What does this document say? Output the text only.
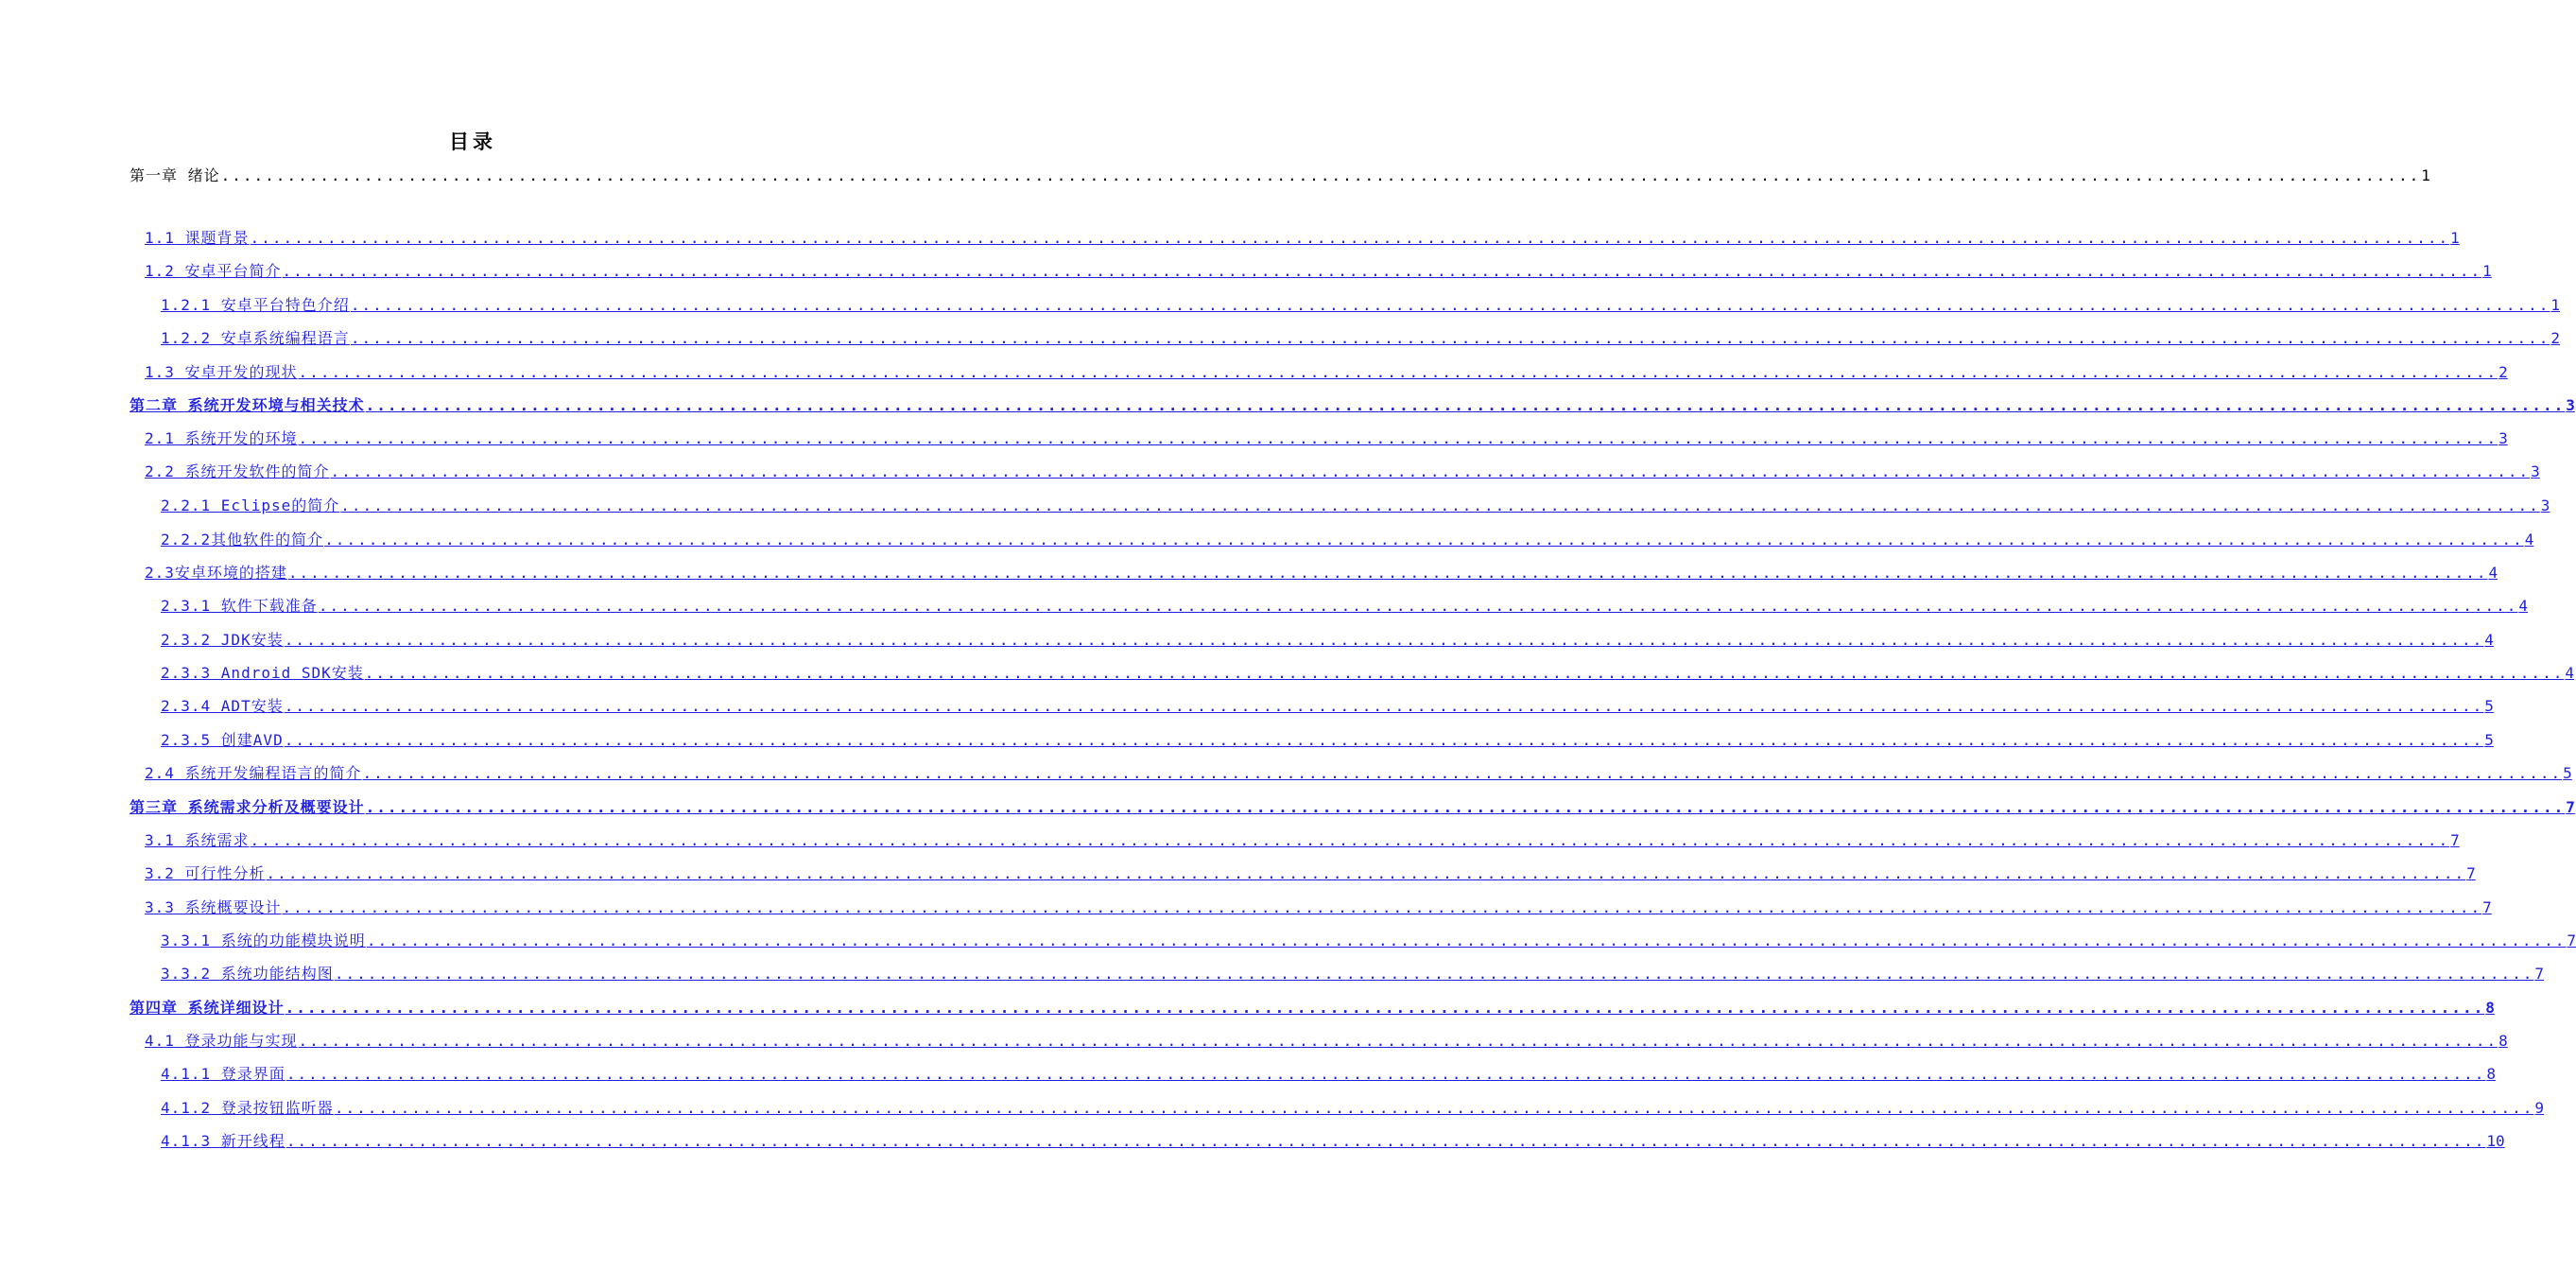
目录
第一章 绪论 ........................................................................................................................................................................................................ 1
1.1 课题背景 ........................................................................................................................................................................................................ 1
1.2 安卓平台简介 ........................................................................................................................................................................................................ 1
1.2.1 安卓平台特色介绍 ........................................................................................................................................................................................................ 1
1.2.2 安卓系统编程语言 ........................................................................................................................................................................................................ 2
1.3 安卓开发的现状 ........................................................................................................................................................................................................ 2
第二章 系统开发环境与相关技术 ........................................................................................................................................................................................................ 3
2.1 系统开发的环境 ........................................................................................................................................................................................................ 3
2.2 系统开发软件的简介 ........................................................................................................................................................................................................ 3
2.2.1 Eclipse的简介 ........................................................................................................................................................................................................ 3
2.2.2其他软件的简介 ........................................................................................................................................................................................................ 4
2.3安卓环境的搭建 ........................................................................................................................................................................................................ 4
2.3.1 软件下载准备 ........................................................................................................................................................................................................ 4
2.3.2 JDK安装 ........................................................................................................................................................................................................ 4
2.3.3 Android SDK安装 ........................................................................................................................................................................................................ 4
2.3.4 ADT安装 ........................................................................................................................................................................................................ 5
2.3.5 创建AVD ........................................................................................................................................................................................................ 5
2.4 系统开发编程语言的简介 ........................................................................................................................................................................................................ 5
第三章 系统需求分析及概要设计 ........................................................................................................................................................................................................ 7
3.1 系统需求 ........................................................................................................................................................................................................ 7
3.2 可行性分析 ........................................................................................................................................................................................................ 7
3.3 系统概要设计 ........................................................................................................................................................................................................ 7
3.3.1 系统的功能模块说明 ........................................................................................................................................................................................................ 7
3.3.2 系统功能结构图 ........................................................................................................................................................................................................ 7
第四章 系统详细设计 ........................................................................................................................................................................................................ 8
4.1 登录功能与实现 ........................................................................................................................................................................................................ 8
4.1.1 登录界面 ........................................................................................................................................................................................................ 8
4.1.2 登录按钮监听器 ........................................................................................................................................................................................................ 9
4.1.3 新开线程 ........................................................................................................................................................................................................ 10
